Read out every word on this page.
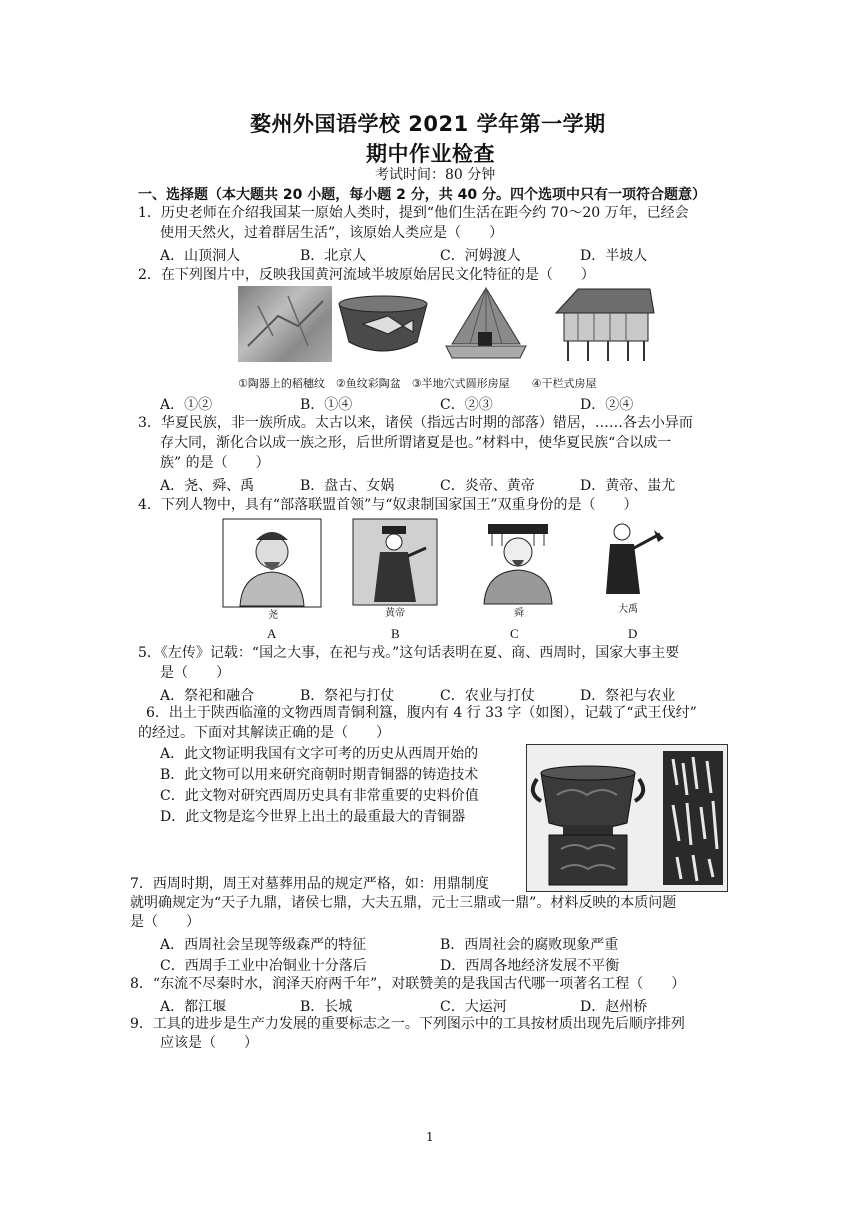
婺州外国语学校 2021 学年第一学期
期中作业检查
考试时间：80 分钟
一、选择题（本大题共 20 小题，每小题 2 分，共 40 分。四个选项中只有一项符合题意）
1．历史老师在介绍我国某一原始人类时，提到“他们生活在距今约 70～20 万年，已经会
使用天然火，过着群居生活”，该原始人类应是（　　）
A．山顶洞人	B．北京人	C．河姆渡人	D．半坡人
2．在下列图片中，反映我国黄河流域半坡原始居民文化特征的是（　　）
①陶器上的稻穗纹　②鱼纹彩陶盆　③半地穴式圆形房屋　　④干栏式房屋
A．①②	B．①④	C．②③	D．②④
3．华夏民族，非一族所成。太古以来，诸侯（指远古时期的部落）错居，……各去小异而
存大同，渐化合以成一族之形，后世所谓诸夏是也。”材料中，使华夏民族“合以成一
族” 的是（　　）
A．尧、舜、禹	B．盘古、女娲	C．炎帝、黄帝	D．黄帝、蚩尤
4．下列人物中，具有“部落联盟首领”与“奴隶制国家国王”双重身份的是（　　）
尧	黄帝	舜	大禹
A	B	C	D
5．《左传》记载：“国之大事，在祀与戎。”这句话表明在夏、商、西周时，国家大事主要
是（　　）
A．祭祀和融合	B．祭祀与打仗	C．农业与打仗	D．祭祀与农业
6．出土于陕西临潼的文物西周青铜利簋，腹内有 4 行 33 字（如图），记载了“武王伐纣”
的经过。下面对其解读正确的是（　　）
A．此文物证明我国有文字可考的历史从西周开始的
B．此文物可以用来研究商朝时期青铜器的铸造技术
C．此文物对研究西周历史具有非常重要的史料价值
D．此文物是迄今世界上出土的最重最大的青铜器
7．西周时期，周王对墓葬用品的规定严格，如：用鼎制度
就明确规定为“天子九鼎，诸侯七鼎，大夫五鼎，元士三鼎或一鼎”。材料反映的本质问题
是（　　）
A．西周社会呈现等级森严的特征	B．西周社会的腐败现象严重
C．西周手工业中冶铜业十分落后	D．西周各地经济发展不平衡
8．“东流不尽秦时水，润泽天府两千年”，对联赞美的是我国古代哪一项著名工程（　　）
A．都江堰	B．长城	C．大运河	D．赵州桥
9．工具的进步是生产力发展的重要标志之一。下列图示中的工具按材质出现先后顺序排列
应该是（　　）
1
